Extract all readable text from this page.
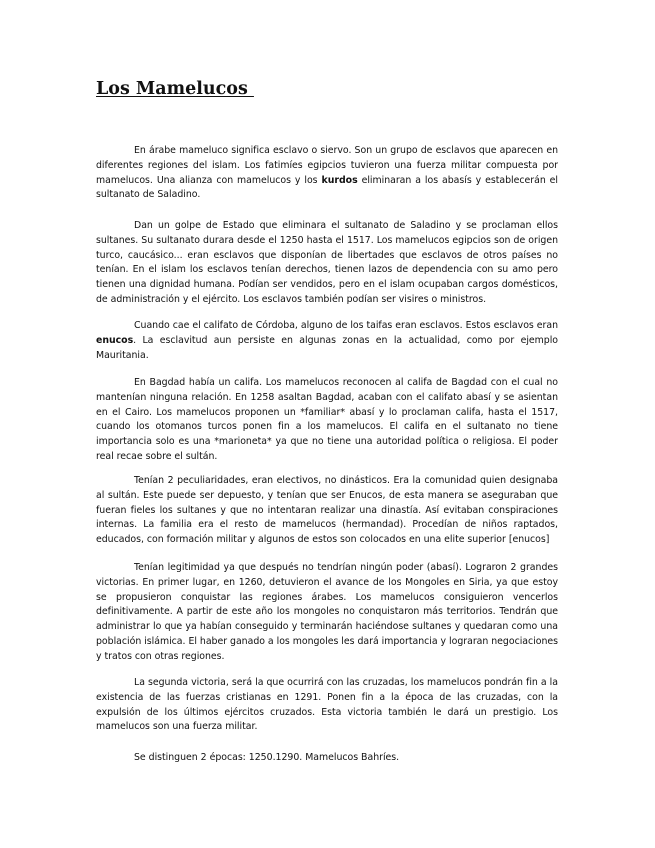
Los Mamelucos

En árabe mameluco significa esclavo o siervo. Son un grupo de esclavos que aparecen en diferentes regiones del islam. Los fatimíes egipcios tuvieron una fuerza militar compuesta por mamelucos. Una alianza con mamelucos y los kurdos eliminaran a los abasís y establecerán el sultanato de Saladino.

Dan un golpe de Estado que eliminara el sultanato de Saladino y se proclaman ellos sultanes. Su sultanato durara desde el 1250 hasta el 1517. Los mamelucos egipcios son de origen turco, caucásico... eran esclavos que disponían de libertades que esclavos de otros países no tenían. En el islam los esclavos tenían derechos, tienen lazos de dependencia con su amo pero tienen una dignidad humana. Podían ser vendidos, pero en el islam ocupaban cargos domésticos, de administración y el ejército. Los esclavos también podían ser visires o ministros.

Cuando cae el califato de Córdoba, alguno de los taifas eran esclavos. Estos esclavos eran enucos. La esclavitud aun persiste en algunas zonas en la actualidad, como por ejemplo Mauritania.

En Bagdad había un califa. Los mamelucos reconocen al califa de Bagdad con el cual no mantenían ninguna relación. En 1258 asaltan Bagdad, acaban con el califato abasí y se asientan en el Cairo. Los mamelucos proponen un *familiar* abasí y lo proclaman califa, hasta el 1517, cuando los otomanos turcos ponen fin a los mamelucos. El califa en el sultanato no tiene importancia solo es una *marioneta* ya que no tiene una autoridad política o religiosa. El poder real recae sobre el sultán.

Tenían 2 peculiaridades, eran electivos, no dinásticos. Era la comunidad quien designaba al sultán. Este puede ser depuesto, y tenían que ser Enucos, de esta manera se aseguraban que fueran fieles los sultanes y que no intentaran realizar una dinastía. Así evitaban conspiraciones internas. La familia era el resto de mamelucos (hermandad). Procedían de niños raptados, educados, con formación militar y algunos de estos son colocados en una elite superior [enucos]

Tenían legitimidad ya que después no tendrían ningún poder (abasí). Lograron 2 grandes victorias. En primer lugar, en 1260, detuvieron el avance de los Mongoles en Siria, ya que estoy se propusieron conquistar las regiones árabes. Los mamelucos consiguieron vencerlos definitivamente. A partir de este año los mongoles no conquistaron más territorios. Tendrán que administrar lo que ya habían conseguido y terminarán haciéndose sultanes y quedaran como una población islámica. El haber ganado a los mongoles les dará importancia y lograran negociaciones y tratos con otras regiones.

La segunda victoria, será la que ocurrirá con las cruzadas, los mamelucos pondrán fin a la existencia de las fuerzas cristianas en 1291. Ponen fin a la época de las cruzadas, con la expulsión de los últimos ejércitos cruzados. Esta victoria también le dará un prestigio. Los mamelucos son una fuerza militar.

Se distinguen 2 épocas: 1250.1290. Mamelucos Bahríes.
